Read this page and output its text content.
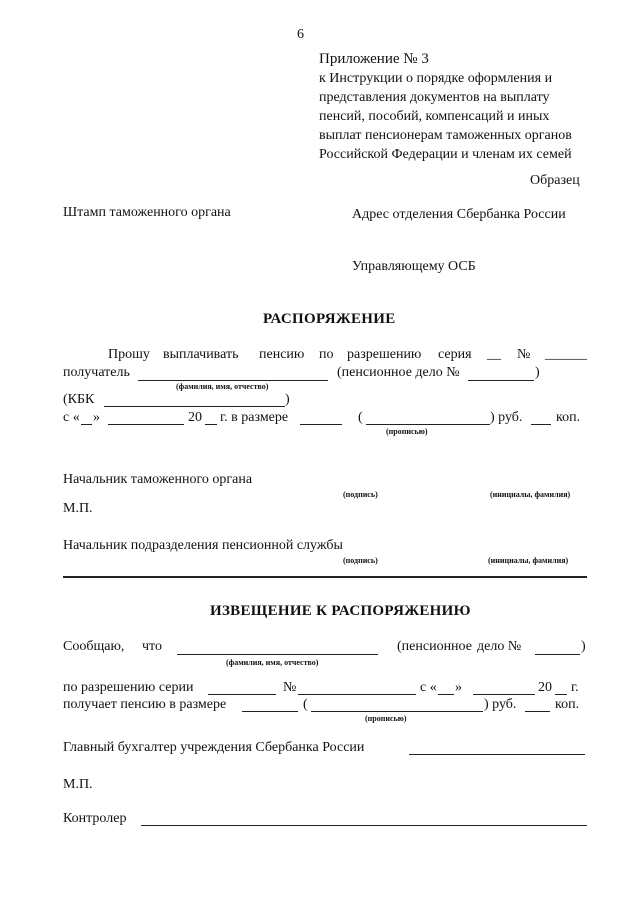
6
Приложение № 3
к Инструкции о порядке оформления и
представления документов на выплату
пенсий, пособий, компенсаций и иных
выплат пенсионерам таможенных органов
Российской Федерации и членам их семей
Образец
Штамп таможенного органа	Адрес отделения Сбербанка России
Управляющему ОСБ
РАСПОРЯЖЕНИЕ
Прошу выплачивать пенсию по разрешению серия __ № ______
получатель	(пенсионное дело №	)
(фамилия, имя, отчество)
(КБК	)
с « »	20 г. в размере	(	) руб. коп.
(прописью)
Начальник таможенного органа
(подпись)	(инициалы, фамилия)
М.П.
Начальник подразделения пенсионной службы
(подпись)	(инициалы, фамилия)
ИЗВЕЩЕНИЕ К РАСПОРЯЖЕНИЮ
Сообщаю, что	(пенсионное дело №	)
(фамилия, имя, отчество)
по разрешению серии	№	с « »	20 г.
получает пенсию в размере	(	) руб.	коп.
(прописью)
Главный бухгалтер учреждения Сбербанка России
М.П.
Контролер
